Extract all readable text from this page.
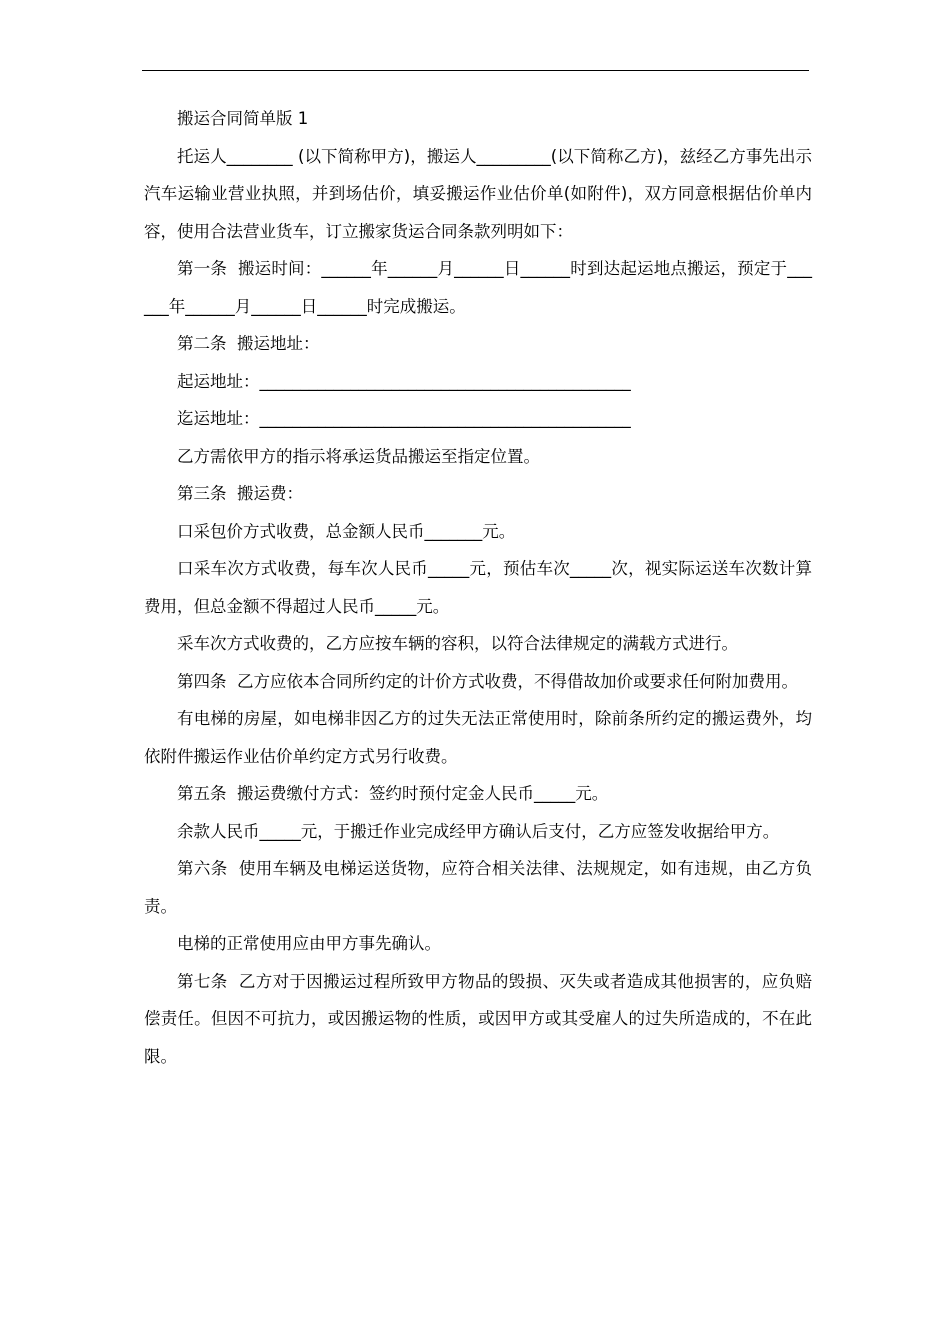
搬运合同简单版 1

托运人________ (以下简称甲方)，搬运人_________(以下简称乙方)，兹经乙方事先出示汽车运输业营业执照，并到场估价，填妥搬运作业估价单(如附件)，双方同意根据估价单内容，使用合法营业货车，订立搬家货运合同条款列明如下：

第一条  搬运时间：______年______月______日______时到达起运地点搬运，预定于______年______月______日______时完成搬运。

第二条  搬运地址：

起运地址：_____________________________________________

迄运地址：_____________________________________________

乙方需依甲方的指示将承运货品搬运至指定位置。

第三条  搬运费：

口采包价方式收费，总金额人民币_______元。

口采车次方式收费，每车次人民币_____元，预估车次_____次，视实际运送车次数计算费用，但总金额不得超过人民币_____元。

采车次方式收费的，乙方应按车辆的容积，以符合法律规定的满载方式进行。

第四条  乙方应依本合同所约定的计价方式收费，不得借故加价或要求任何附加费用。

有电梯的房屋，如电梯非因乙方的过失无法正常使用时，除前条所约定的搬运费外，均依附件搬运作业估价单约定方式另行收费。

第五条  搬运费缴付方式：签约时预付定金人民币_____元。

余款人民币_____元，于搬迁作业完成经甲方确认后支付，乙方应签发收据给甲方。

第六条  使用车辆及电梯运送货物，应符合相关法律、法规规定，如有违规，由乙方负责。

电梯的正常使用应由甲方事先确认。

第七条  乙方对于因搬运过程所致甲方物品的毁损、灭失或者造成其他损害的，应负赔偿责任。但因不可抗力，或因搬运物的性质，或因甲方或其受雇人的过失所造成的，不在此限。
